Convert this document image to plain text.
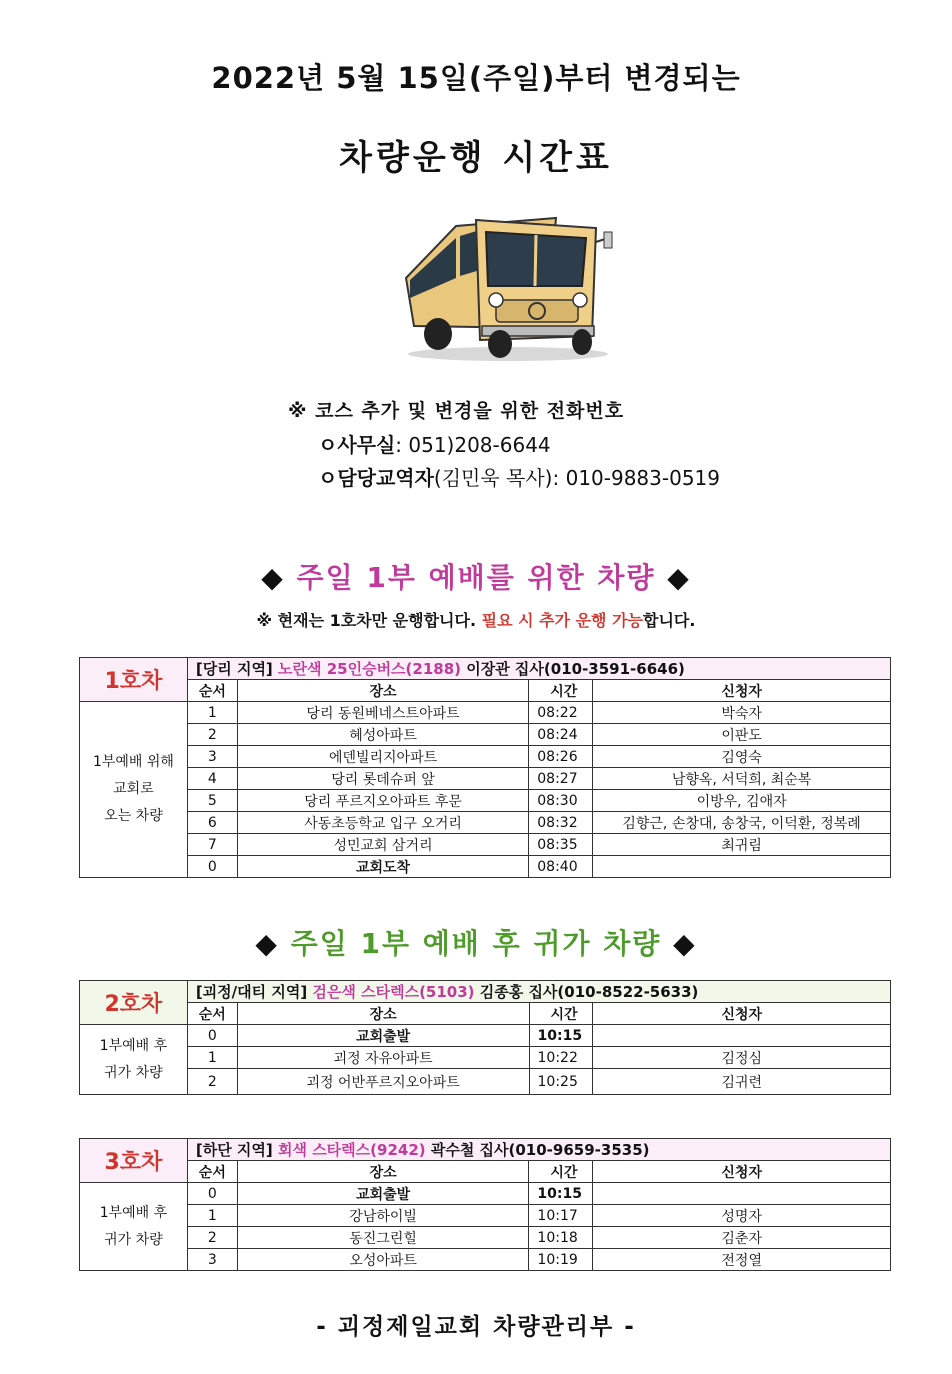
2022년 5월 15일(주일)부터 변경되는
차량운행 시간표
※ 코스 추가 및 변경을 위한 전화번호
ㅇ사무실: 051)208-6644
ㅇ담당교역자(김민욱 목사): 010-9883-0519
◆ 주일 1부 예배를 위한 차량 ◆
※ 현재는 1호차만 운행합니다. 필요 시 추가 운행 가능합니다.
1호차	[당리 지역] 노란색 25인승버스(2188) 이장관 집사(010-3591-6646)			
	순서	장소	시간	신청자
1부예배 위해
교회로
오는 차량	1	당리 동원베네스트아파트	08:22	박숙자
	2	혜성아파트	08:24	이판도
	3	에덴빌리지아파트	08:26	김영숙
	4	당리 롯데슈퍼 앞	08:27	남향옥, 서덕희, 최순복
	5	당리 푸르지오아파트 후문	08:30	이방우, 김애자
	6	사동초등학교 입구 오거리	08:32	김향근, 손창대, 송창국, 이덕환, 정복례
	7	성민교회 삼거리	08:35	최귀림
	0	교회도착	08:40	
◆ 주일 1부 예배 후 귀가 차량 ◆
2호차	[괴정/대티 지역] 검은색 스타렉스(5103) 김종홍 집사(010-8522-5633)			
	순서	장소	시간	신청자
1부예배 후
귀가 차량	0	교회출발	10:15	
	1	괴정 자유아파트	10:22	김정심
	2	괴정 어반푸르지오아파트	10:25	김귀련
3호차	[하단 지역] 회색 스타렉스(9242) 곽수철 집사(010-9659-3535)			
	순서	장소	시간	신청자
1부예배 후
귀가 차량	0	교회출발	10:15	
	1	강남하이빌	10:17	성명자
	2	동진그린힐	10:18	김춘자
	3	오성아파트	10:19	전정열
- 괴정제일교회 차량관리부 -
